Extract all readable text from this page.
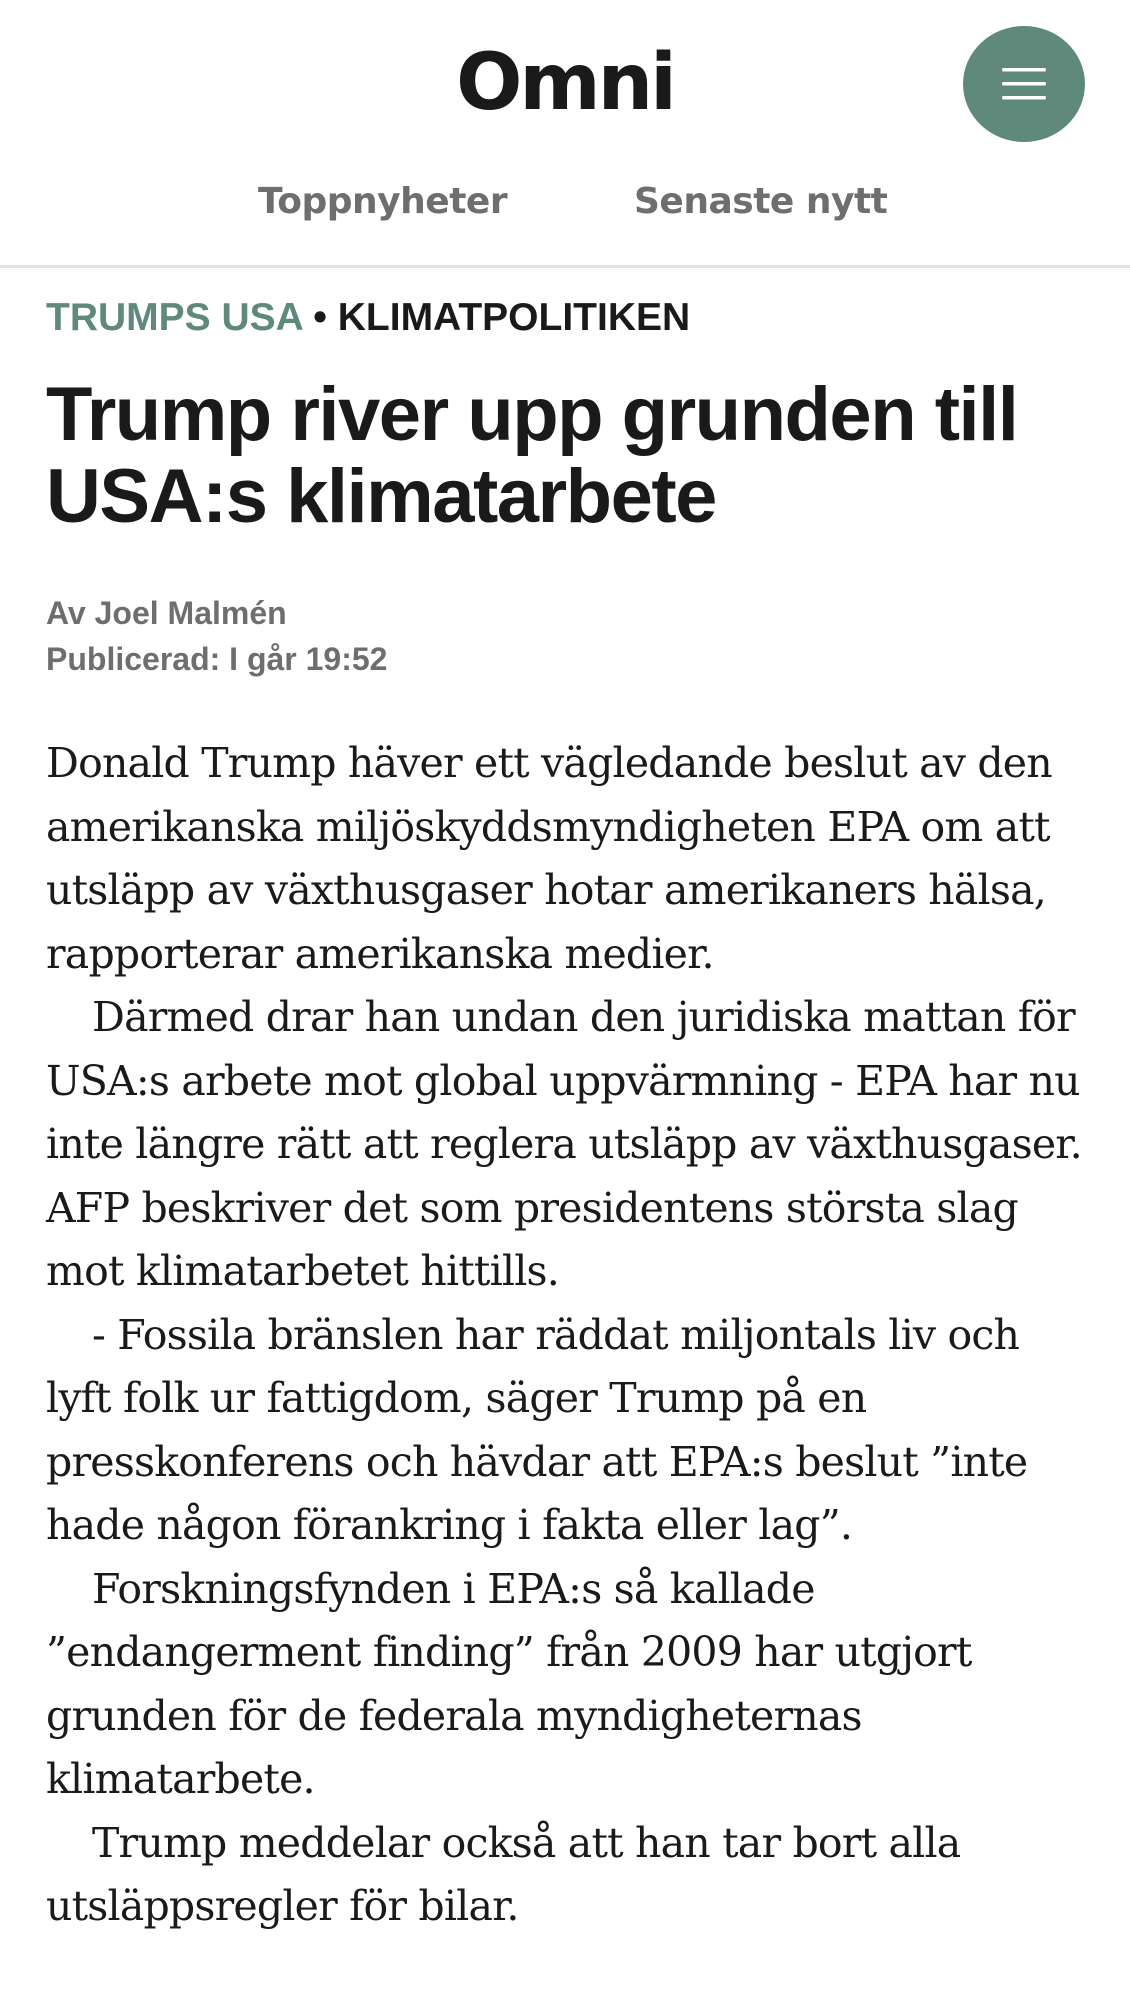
Omni
Toppnyheter	Senaste nytt
TRUMPS USA • KLIMATPOLITIKEN
Trump river upp grunden till USA:s klimatarbete
Av Joel Malmén
Publicerad: I går 19:52

Donald Trump häver ett vägledande beslut av den amerikanska miljöskyddsmyndigheten EPA om att utsläpp av växthusgaser hotar amerikaners hälsa, rapporterar amerikanska medier.

Därmed drar han undan den juridiska mattan för USA:s arbete mot global uppvärmning - EPA har nu inte längre rätt att reglera utsläpp av växthusgaser. AFP beskriver det som presidentens största slag mot klimatarbetet hittills.

- Fossila bränslen har räddat miljontals liv och lyft folk ur fattigdom, säger Trump på en presskonferens och hävdar att EPA:s beslut ”inte hade någon förankring i fakta eller lag”.

Forskningsfynden i EPA:s så kallade ”endangerment finding” från 2009 har utgjort grunden för de federala myndigheternas klimatarbete.

Trump meddelar också att han tar bort alla utsläppsregler för bilar.
